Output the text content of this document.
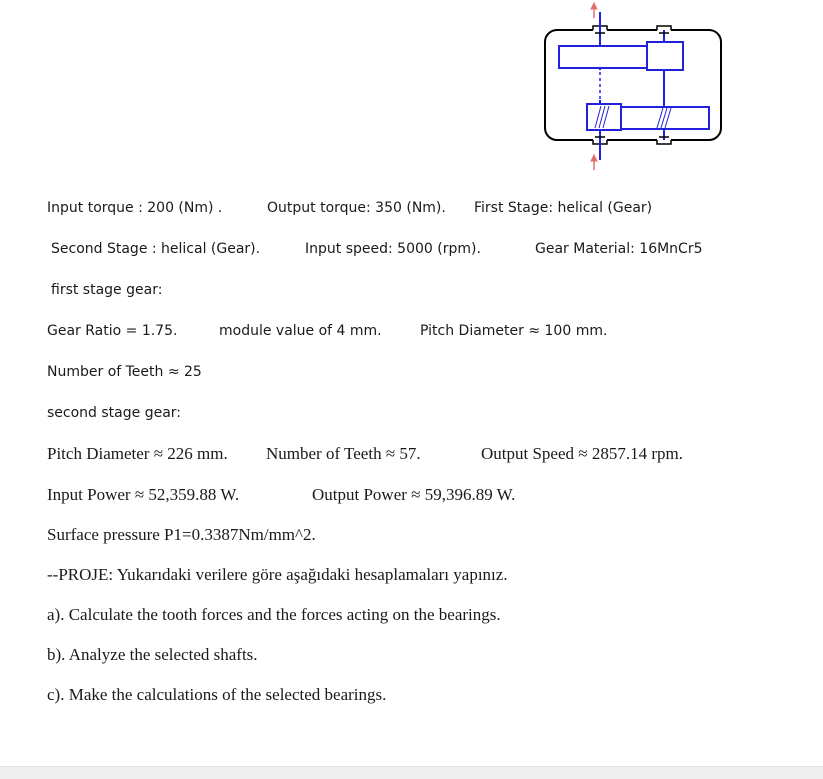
Input torque : 200 (Nm) .	Output torque: 350 (Nm). First Stage: helical (Gear)
Second Stage : helical (Gear).	Input speed: 5000 (rpm).	Gear Material: 16MnCr5
first stage gear:
Gear Ratio = 1.75.	module value of 4 mm.	Pitch Diameter ≈ 100 mm.
Number of Teeth ≈ 25
second stage gear:
Pitch Diameter ≈ 226 mm. Number of Teeth ≈ 57.	Output Speed ≈ 2857.14 rpm.
Input Power ≈ 52,359.88 W.	Output Power ≈ 59,396.89 W.
Surface pressure P1=0.3387Nm/mm^2.
--PROJE: Yukarıdaki verilere göre aşağıdaki hesaplamaları yapınız.
a). Calculate the tooth forces and the forces acting on the bearings.
b). Analyze the selected shafts.
c). Make the calculations of the selected bearings.
